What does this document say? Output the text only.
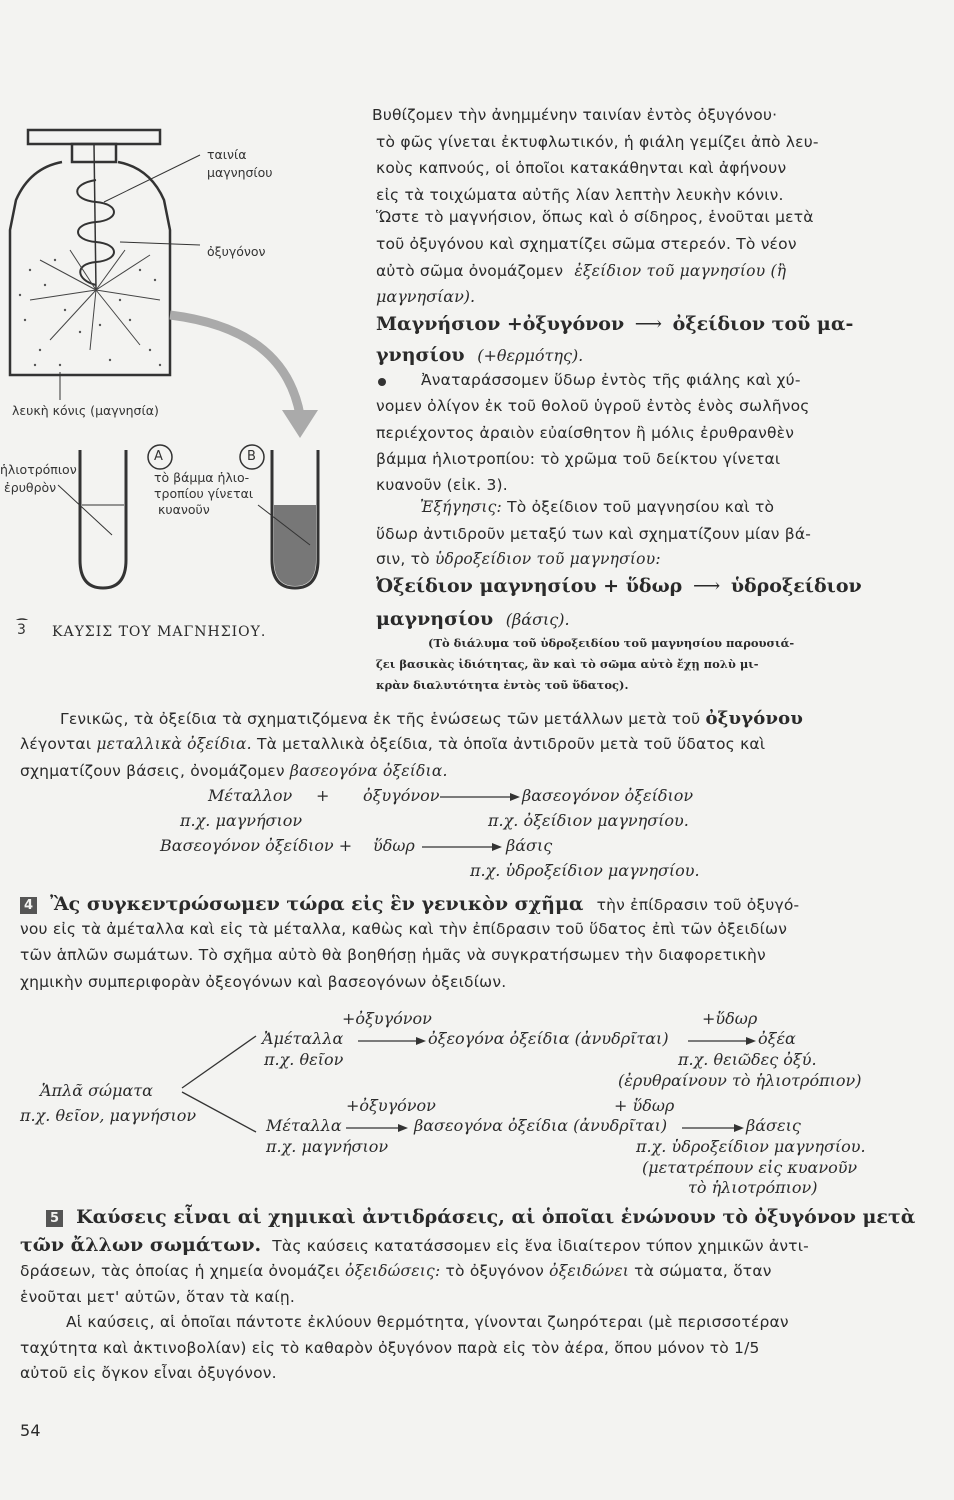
ταινία
μαγνησίου
ὀξυγόνον
λευκὴ κόνις (μαγνησία)
ἡλιοτρόπιον
ἐρυθρὸν
τὸ βάμμα ἡλιο-
τροπίου γίνεται
κυανοῦν
A	B
3 ΚΑΥΣΙΣ ΤΟΥ ΜΑΓΝΗΣΙΟΥ.
Βυθίζομεν τὴν ἀνημμένην ταινίαν ἐντὸς ὀξυγόνου·
τὸ φῶς γίνεται ἐκτυφλωτικόν, ἡ φιάλη γεμίζει ἀπὸ λευ-
κοὺς καπνούς, οἱ ὁποῖοι κατακάθηνται καὶ ἀφήνουν
εἰς τὰ τοιχώματα αὐτῆς λίαν λεπτὴν λευκὴν κόνιν.
Ὥστε τὸ μαγνήσιον, ὅπως καὶ ὁ σίδηρος, ἑνοῦται μετὰ
τοῦ ὀξυγόνου καὶ σχηματίζει σῶμα στερεόν. Τὸ νέον
αὐτὸ σῶμα ὀνομάζομεν ἐξείδιον τοῦ μαγνησίου (ἢ
μαγνησίαν).
Μαγνήσιον +ὀξυγόνον ⟶ ὀξείδιον τοῦ μα-
γνησίου (+θερμότης).
Ἀναταράσσομεν ὕδωρ ἐντὸς τῆς φιάλης καὶ χύ-
νομεν ὀλίγον ἐκ τοῦ θολοῦ ὑγροῦ ἐντὸς ἑνὸς σωλῆνος
περιέχοντος ἀραιὸν εὐαίσθητον ἢ μόλις ἐρυθρανθὲν
βάμμα ἡλιοτροπίου: τὸ χρῶμα τοῦ δείκτου γίνεται
κυανοῦν (εἰκ. 3).
Ἐξήγησις: Τὸ ὀξείδιον τοῦ μαγνησίου καὶ τὸ
ὕδωρ ἀντιδροῦν μεταξύ των καὶ σχηματίζουν μίαν βά-
σιν, τὸ ὑδροξείδιον τοῦ μαγνησίου:
Ὀξείδιον μαγνησίου + ὕδωρ ⟶ ὑδροξείδιον
μαγνησίου (βάσις).
(Τὸ διάλυμα τοῦ ὑδροξειδίου τοῦ μαγνησίου παρουσιά-
ζει βασικὰς ἰδιότητας, ἂν καὶ τὸ σῶμα αὐτὸ ἔχῃ πολὺ μι-
κρὰν διαλυτότητα ἐντὸς τοῦ ὕδατος).
Γενικῶς, τὰ ὀξείδια τὰ σχηματιζόμενα ἐκ τῆς ἑνώσεως τῶν μετάλλων μετὰ τοῦ ὀξυγόνου
λέγονται μεταλλικὰ ὀξείδια. Τὰ μεταλλικὰ ὀξείδια, τὰ ὁποῖα ἀντιδροῦν μετὰ τοῦ ὕδατος καὶ
σχηματίζουν βάσεις, ὀνομάζομεν βασεογόνα ὀξείδια.
Μέταλλον + ὀξυγόνον	βασεογόνον ὀξείδιον
π.χ. μαγνήσιον	π.χ. ὀξείδιον μαγνησίου.
Βασεογόνον ὀξείδιον + ὕδωρ	βάσις
π.χ. ὑδροξείδιον μαγνησίου.
4 Ἂς συγκεντρώσωμεν τώρα εἰς ἓν γενικὸν σχῆμα τὴν ἐπίδρασιν τοῦ ὀξυγό-
νου εἰς τὰ ἀμέταλλα καὶ εἰς τὰ μέταλλα, καθὼς καὶ τὴν ἐπίδρασιν τοῦ ὕδατος ἐπὶ τῶν ὀξειδίων
τῶν ἁπλῶν σωμάτων. Τὸ σχῆμα αὐτὸ θὰ βοηθήσῃ ἡμᾶς νὰ συγκρατήσωμεν τὴν διαφορετικὴν
χημικὴν συμπεριφορὰν ὀξεογόνων καὶ βασεογόνων ὀξειδίων.
+ὀξυγόνον	+ὕδωρ
Ἀμέταλλα	ὀξεογόνα ὀξείδια (ἀνυδρῖται)	ὀξέα
π.χ. θεῖον	π.χ. θειῶδες ὀξύ.
Ἁπλᾶ σώματα
(ἐρυθραίνουν τὸ ἡλιοτρόπιον)
π.χ. θεῖον, μαγνήσιον
+ὀξυγόνον	+ ὕδωρ
Μέταλλα	βασεογόνα ὀξείδια (ἀνυδρῖται)	βάσεις
π.χ. μαγνήσιον	π.χ. ὑδροξείδιον μαγνησίου.
(μετατρέπουν εἰς κυανοῦν
τὸ ἡλιοτρόπιον)
5 Καύσεις εἶναι αἱ χημικαὶ ἀντιδράσεις, αἱ ὁποῖαι ἑνώνουν τὸ ὀξυγόνον μετὰ
τῶν ἄλλων σωμάτων. Τὰς καύσεις κατατάσσομεν εἰς ἕνα ἰδιαίτερον τύπον χημικῶν ἀντι-
δράσεων, τὰς ὁποίας ἡ χημεία ὀνομάζει ὀξειδώσεις: τὸ ὀξυγόνον ὀξειδώνει τὰ σώματα, ὅταν
ἑνοῦται μετ' αὐτῶν, ὅταν τὰ καίῃ.
Αἱ καύσεις, αἱ ὁποῖαι πάντοτε ἐκλύουν θερμότητα, γίνονται ζωηρότεραι (μὲ περισσοτέραν
ταχύτητα καὶ ἀκτινοβολίαν) εἰς τὸ καθαρὸν ὀξυγόνον παρὰ εἰς τὸν ἀέρα, ὅπου μόνον τὸ 1/5
αὐτοῦ εἰς ὄγκον εἶναι ὀξυγόνον.
54
